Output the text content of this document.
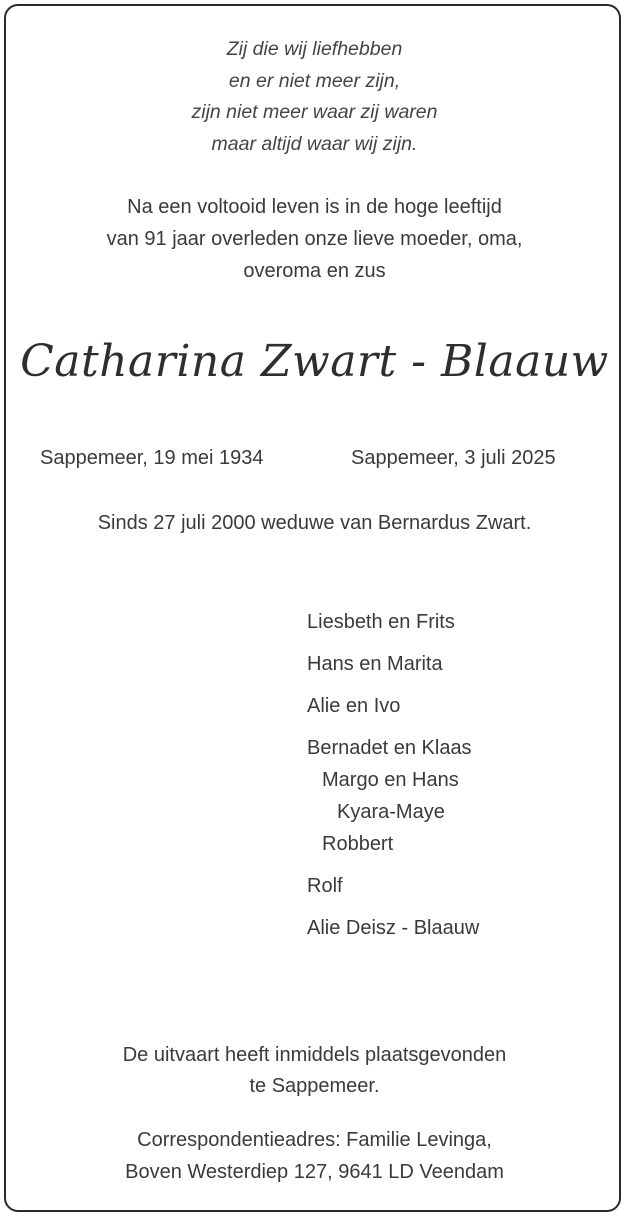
Zij die wij liefhebben
en er niet meer zijn,
zijn niet meer waar zij waren
maar altijd waar wij zijn.
Na een voltooid leven is in de hoge leeftijd
van 91 jaar overleden onze lieve moeder, oma,
overoma en zus
Catharina Zwart - Blaauw
Sappemeer, 19 mei 1934	Sappemeer, 3 juli 2025
Sinds 27 juli 2000 weduwe van Bernardus Zwart.
Liesbeth en Frits
Hans en Marita
Alie en Ivo
Bernadet en Klaas
Margo en Hans
Kyara-Maye
Robbert
Rolf
Alie Deisz - Blaauw
De uitvaart heeft inmiddels plaatsgevonden
te Sappemeer.
Correspondentieadres: Familie Levinga,
Boven Westerdiep 127, 9641 LD Veendam
